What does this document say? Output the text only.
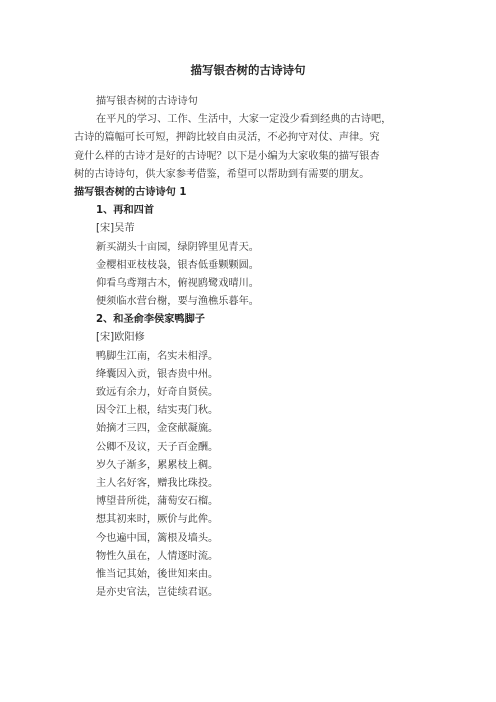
描写银杏树的古诗诗句
描写银杏树的古诗诗句
在平凡的学习、工作、生活中，大家一定没少看到经典的古诗吧，
古诗的篇幅可长可短，押韵比较自由灵活，不必拘守对仗、声律。究
竟什么样的古诗才是好的古诗呢？以下是小编为大家收集的描写银杏
树的古诗诗句，供大家参考借鉴，希望可以帮助到有需要的朋友。
描写银杏树的古诗诗句 1
1、再和四首
[宋]吴芾
新买湖头十亩园，绿阴铧里见青天。
金樱相亚枝枝袅，银杏低垂颗颗圆。
仰看乌鸢翔古木，俯视鸥鹭戏晴川。
便须临水营台榭，要与渔樵乐暮年。
2、和圣俞李侯家鸭脚子
[宋]欧阳修
鸭脚生江南，名实未相浮。
绛囊因入贡，银杏贵中州。
致远有余力，好奇自贤侯。
因令江上根，结实夷门秋。
始摘才三四，金奁献凝旒。
公卿不及议，天子百金酬。
岁久子渐多，累累枝上稠。
主人名好客，赠我比珠投。
博望昔所徙，蒲萄安石榴。
想其初来时，厥价与此侔。
今也遍中国，篱根及墙头。
物性久虽在，人情逐时流。
惟当记其始，後世知来由。
是亦史官法，岂徒续君讴。
